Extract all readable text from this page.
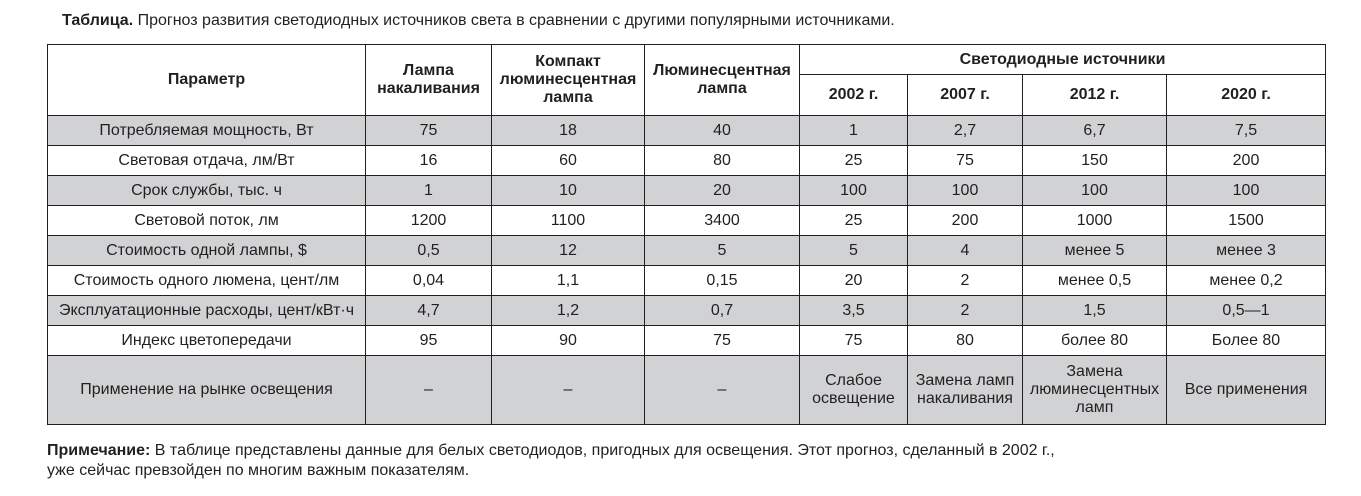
Таблица. Прогноз развития светодиодных источников света в сравнении с другими популярными источниками.
Параметр	Лампа накаливания	Компакт люминесцентная лампа	Люминесцентная лампа	Светодиодные источники			
				2002 г.	2007 г.	2012 г.	2020 г.
Потребляемая мощность, Вт	75	18	40	1	2,7	6,7	7,5
Световая отдача, лм/Вт	16	60	80	25	75	150	200
Срок службы, тыс. ч	1	10	20	100	100	100	100
Световой поток, лм	1200	1100	3400	25	200	1000	1500
Стоимость одной лампы, $	0,5	12	5	5	4	менее 5	менее 3
Стоимость одного люмена, цент/лм	0,04	1,1	0,15	20	2	менее 0,5	менее 0,2
Эксплуатационные расходы, цент/кВт·ч	4,7	1,2	0,7	3,5	2	1,5	0,5—1
Индекс цветопередачи	95	90	75	75	80	более 80	Более 80
Применение на рынке освещения	–	–	–	Слабое освещение	Замена ламп накаливания	Замена люминесцентных ламп	Все применения
Примечание: В таблице представлены данные для белых светодиодов, пригодных для освещения. Этот прогноз, сделанный в 2002 г.,
уже сейчас превзойден по многим важным показателям.
